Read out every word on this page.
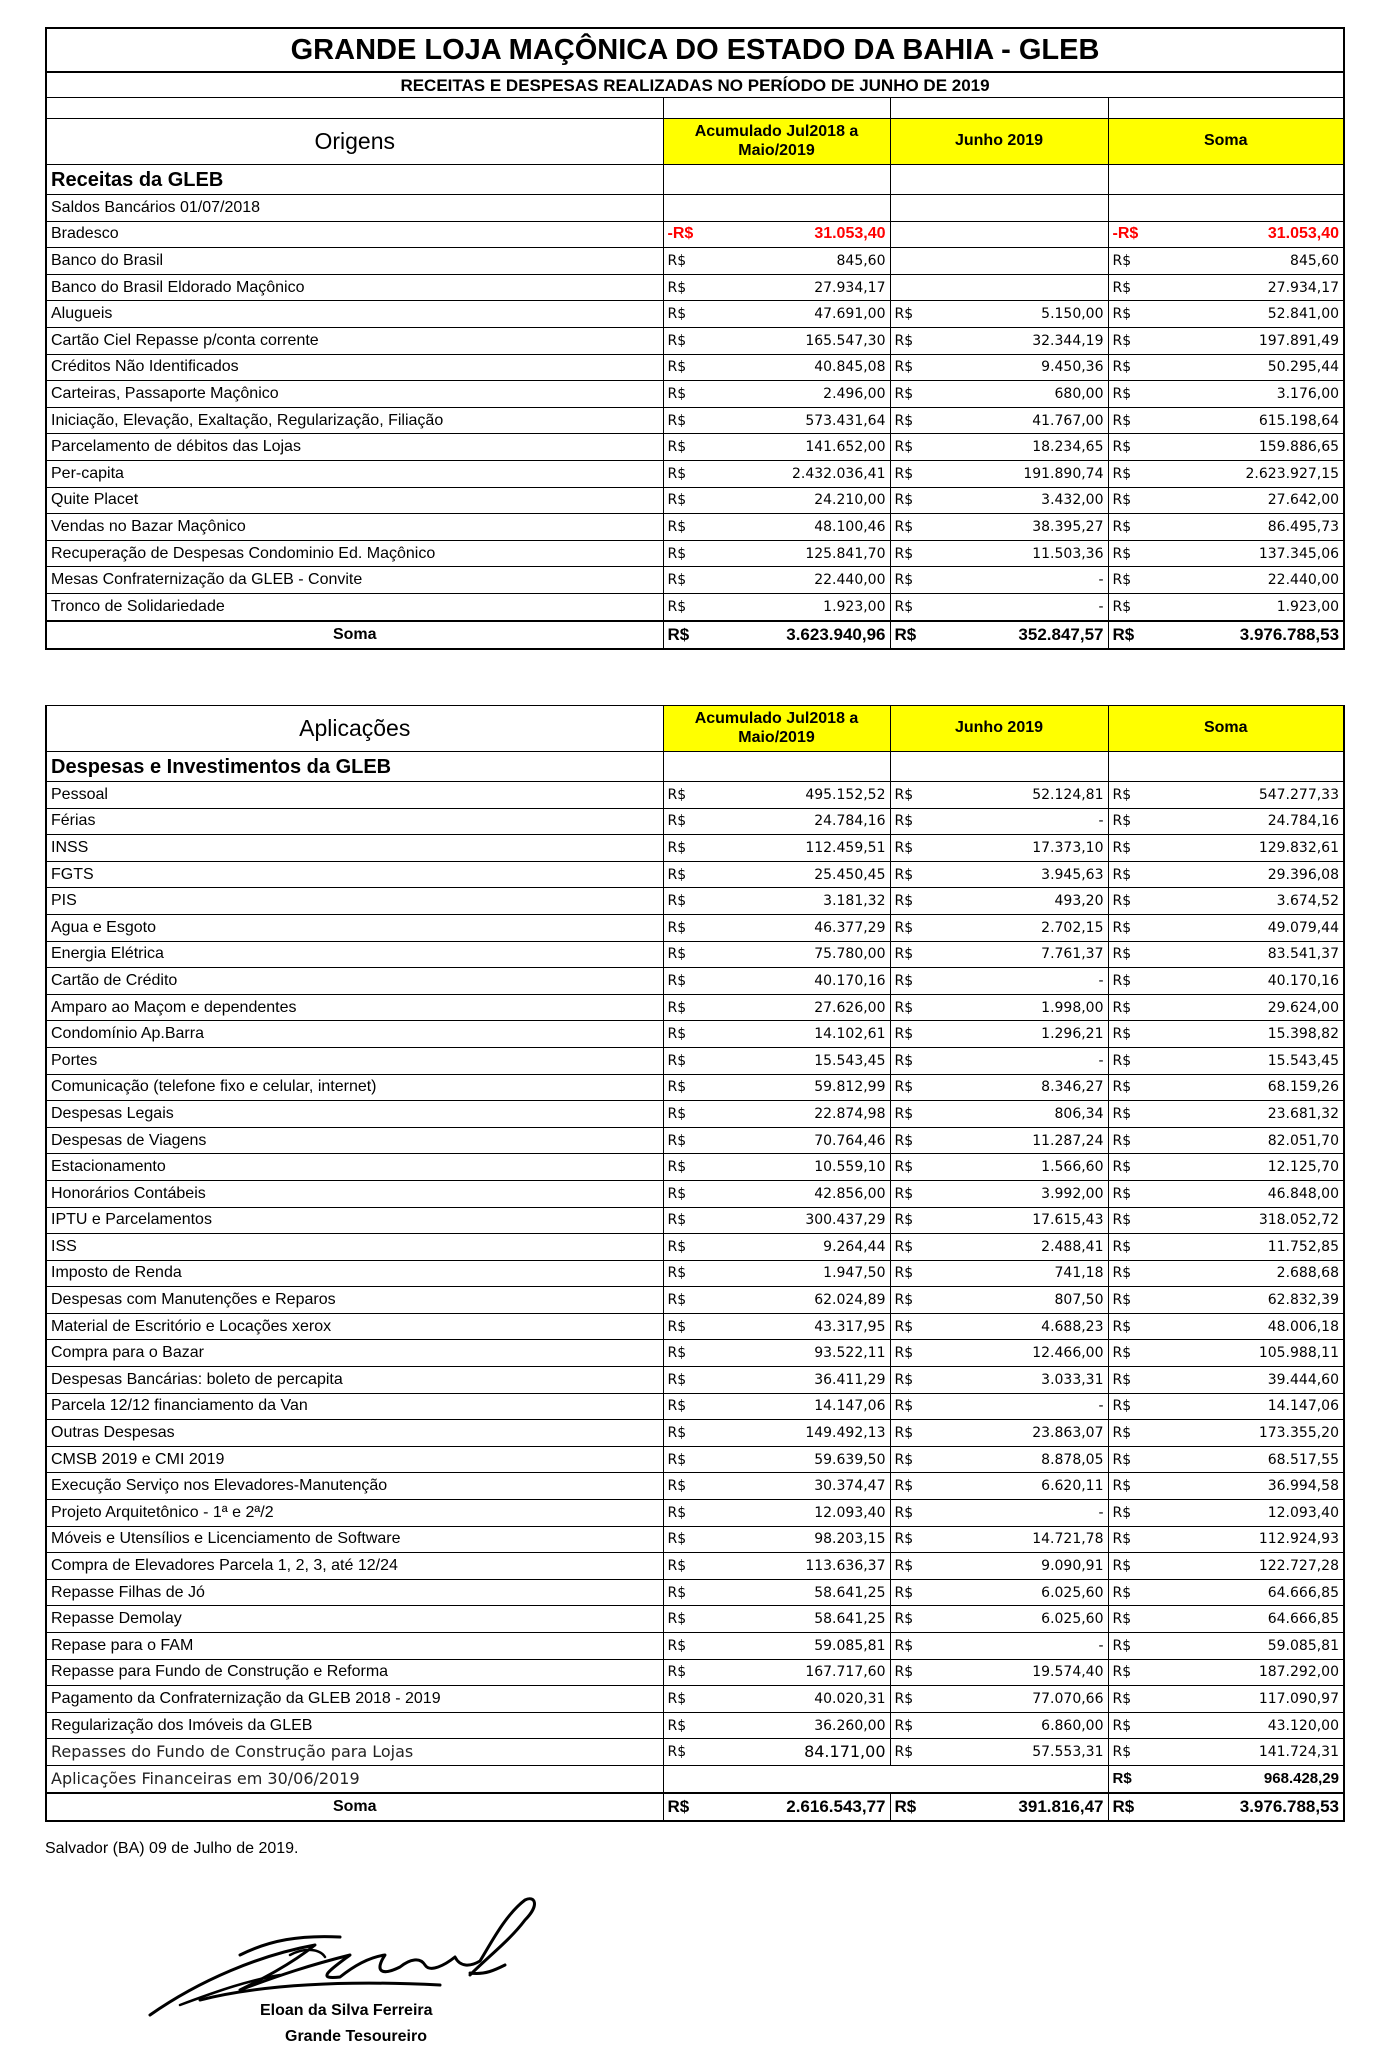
GRANDE LOJA MAÇÔNICA DO ESTADO DA BAHIA - GLEB			
RECEITAS E DESPESAS REALIZADAS NO PERÍODO DE JUNHO DE 2019			

Origens	Acumulado Jul2018 a Maio/2019	Junho 2019	Soma
Receitas da GLEB			
Saldos Bancários 01/07/2018			
Bradesco	-R$ 31.053,40		-R$ 31.053,40

Banco do Brasil	R$ 845,60		R$ 845,60

Banco do Brasil Eldorado Maçônico	R$ 27.934,17		R$ 27.934,17

Alugueis	R$ 47.691,00	R$ 5.150,00	R$ 52.841,00

Cartão Ciel Repasse p/conta corrente	R$ 165.547,30	R$ 32.344,19	R$ 197.891,49

Créditos Não Identificados	R$ 40.845,08	R$ 9.450,36	R$ 50.295,44

Carteiras, Passaporte Maçônico	R$ 2.496,00	R$ 680,00	R$ 3.176,00

Iniciação, Elevação, Exaltação, Regularização, Filiação	R$ 573.431,64	R$ 41.767,00	R$ 615.198,64

Parcelamento de débitos das Lojas	R$ 141.652,00	R$ 18.234,65	R$ 159.886,65

Per-capita	R$ 2.432.036,41	R$ 191.890,74	R$ 2.623.927,15

Quite Placet	R$ 24.210,00	R$ 3.432,00	R$ 27.642,00

Vendas no Bazar Maçônico	R$ 48.100,46	R$ 38.395,27	R$ 86.495,73

Recuperação de Despesas Condominio Ed. Maçônico	R$ 125.841,70	R$ 11.503,36	R$ 137.345,06

Mesas Confraternização da GLEB - Convite	R$ 22.440,00	R$ -	R$ 22.440,00

Tronco de Solidariedade	R$ 1.923,00	R$ -	R$ 1.923,00

Soma	R$ 3.623.940,96	R$ 352.847,57	R$ 3.976.788,53
Aplicações	Acumulado Jul2018 a Maio/2019	Junho 2019	Soma
Despesas e Investimentos da GLEB			
Pessoal	R$ 495.152,52	R$ 52.124,81	R$ 547.277,33

Férias	R$ 24.784,16	R$ -	R$ 24.784,16

INSS	R$ 112.459,51	R$ 17.373,10	R$ 129.832,61

FGTS	R$ 25.450,45	R$ 3.945,63	R$ 29.396,08

PIS	R$ 3.181,32	R$ 493,20	R$ 3.674,52

Agua e Esgoto	R$ 46.377,29	R$ 2.702,15	R$ 49.079,44

Energia Elétrica	R$ 75.780,00	R$ 7.761,37	R$ 83.541,37

Cartão de Crédito	R$ 40.170,16	R$ -	R$ 40.170,16

Amparo ao Maçom e dependentes	R$ 27.626,00	R$ 1.998,00	R$ 29.624,00

Condomínio Ap.Barra	R$ 14.102,61	R$ 1.296,21	R$ 15.398,82

Portes	R$ 15.543,45	R$ -	R$ 15.543,45

Comunicação (telefone fixo e celular, internet)	R$ 59.812,99	R$ 8.346,27	R$ 68.159,26

Despesas Legais	R$ 22.874,98	R$ 806,34	R$ 23.681,32

Despesas de Viagens	R$ 70.764,46	R$ 11.287,24	R$ 82.051,70

Estacionamento	R$ 10.559,10	R$ 1.566,60	R$ 12.125,70

Honorários Contábeis	R$ 42.856,00	R$ 3.992,00	R$ 46.848,00

IPTU e Parcelamentos	R$ 300.437,29	R$ 17.615,43	R$ 318.052,72

ISS	R$ 9.264,44	R$ 2.488,41	R$ 11.752,85

Imposto de Renda	R$ 1.947,50	R$ 741,18	R$ 2.688,68

Despesas com Manutenções e Reparos	R$ 62.024,89	R$ 807,50	R$ 62.832,39

Material de Escritório e Locações xerox	R$ 43.317,95	R$ 4.688,23	R$ 48.006,18

Compra para o Bazar	R$ 93.522,11	R$ 12.466,00	R$ 105.988,11

Despesas Bancárias: boleto de percapita	R$ 36.411,29	R$ 3.033,31	R$ 39.444,60

Parcela 12/12 financiamento da Van	R$ 14.147,06	R$ -	R$ 14.147,06

Outras Despesas	R$ 149.492,13	R$ 23.863,07	R$ 173.355,20

CMSB 2019 e CMI 2019	R$ 59.639,50	R$ 8.878,05	R$ 68.517,55

Execução Serviço nos Elevadores-Manutenção	R$ 30.374,47	R$ 6.620,11	R$ 36.994,58

Projeto Arquitetônico - 1ª e 2ª/2	R$ 12.093,40	R$ -	R$ 12.093,40

Móveis e Utensílios e Licenciamento de Software	R$ 98.203,15	R$ 14.721,78	R$ 112.924,93

Compra de Elevadores Parcela 1, 2, 3, até 12/24	R$ 113.636,37	R$ 9.090,91	R$ 122.727,28

Repasse Filhas de Jó	R$ 58.641,25	R$ 6.025,60	R$ 64.666,85

Repasse Demolay	R$ 58.641,25	R$ 6.025,60	R$ 64.666,85

Repase para o FAM	R$ 59.085,81	R$ -	R$ 59.085,81

Repasse para Fundo de Construção e Reforma	R$ 167.717,60	R$ 19.574,40	R$ 187.292,00

Pagamento da Confraternização da GLEB 2018 - 2019	R$ 40.020,31	R$ 77.070,66	R$ 117.090,97

Regularização dos Imóveis da GLEB	R$ 36.260,00	R$ 6.860,00	R$ 43.120,00

Repasses do Fundo de Construção para Lojas	R$ 84.171,00	R$ 57.553,31	R$ 141.724,31

Aplicações Financeiras em 30/06/2019			R$ 968.428,29

Soma	R$ 2.616.543,77	R$ 391.816,47	R$ 3.976.788,53
Salvador (BA) 09 de Julho de 2019.
Eloan da Silva Ferreira
Grande Tesoureiro
